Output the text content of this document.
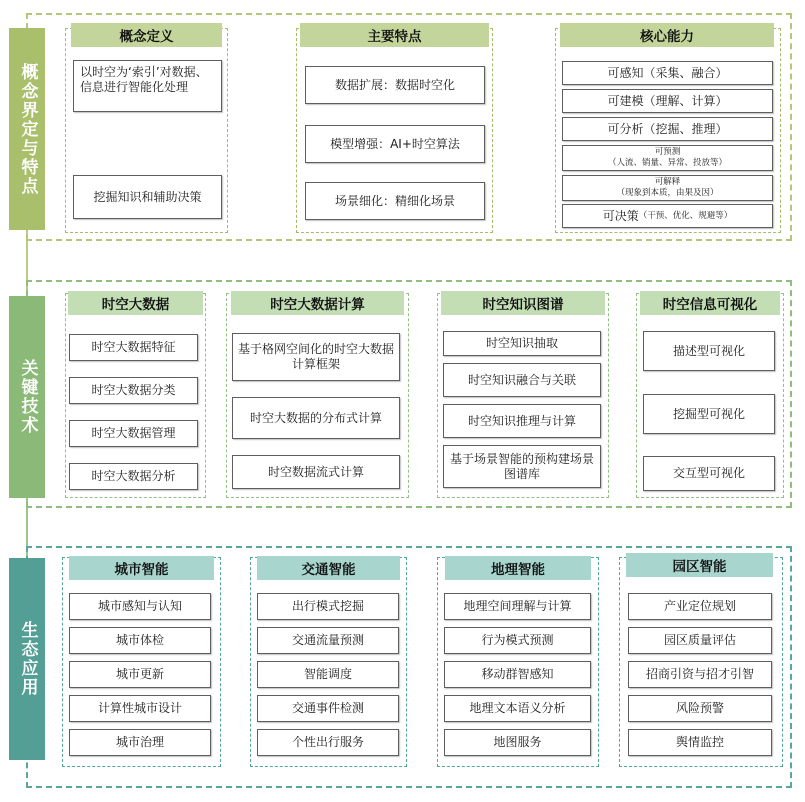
概念界定与特点
概念定义
以时空为‘索引’对数据、信息进行智能化处理
挖掘知识和辅助决策
主要特点
数据扩展：数据时空化
模型增强：AI+时空算法
场景细化：精细化场景
核心能力
可感知（采集、融合）
可建模（理解、计算）
可分析（挖掘、推理）
可预测
（人流、销量、异常、投放等）
可解释
（现象到本质，由果及因）
可决策 （干预、优化、规避等）
关键技术
时空大数据
时空大数据特征
时空大数据分类
时空大数据管理
时空大数据分析
时空大数据计算
基于格网空间化的时空大数据计算框架
时空大数据的分布式计算
时空数据流式计算
时空知识图谱
时空知识抽取
时空知识融合与关联
时空知识推理与计算
基于场景智能的预构建场景图谱库
时空信息可视化
描述型可视化
挖掘型可视化
交互型可视化
生态应用
城市智能
城市感知与认知
城市体检
城市更新
计算性城市设计
城市治理
交通智能
出行模式挖掘
交通流量预测
智能调度
交通事件检测
个性出行服务
地理智能
地理空间理解与计算
行为模式预测
移动群智感知
地理文本语义分析
地图服务
园区智能
产业定位规划
园区质量评估
招商引资与招才引智
风险预警
舆情监控
